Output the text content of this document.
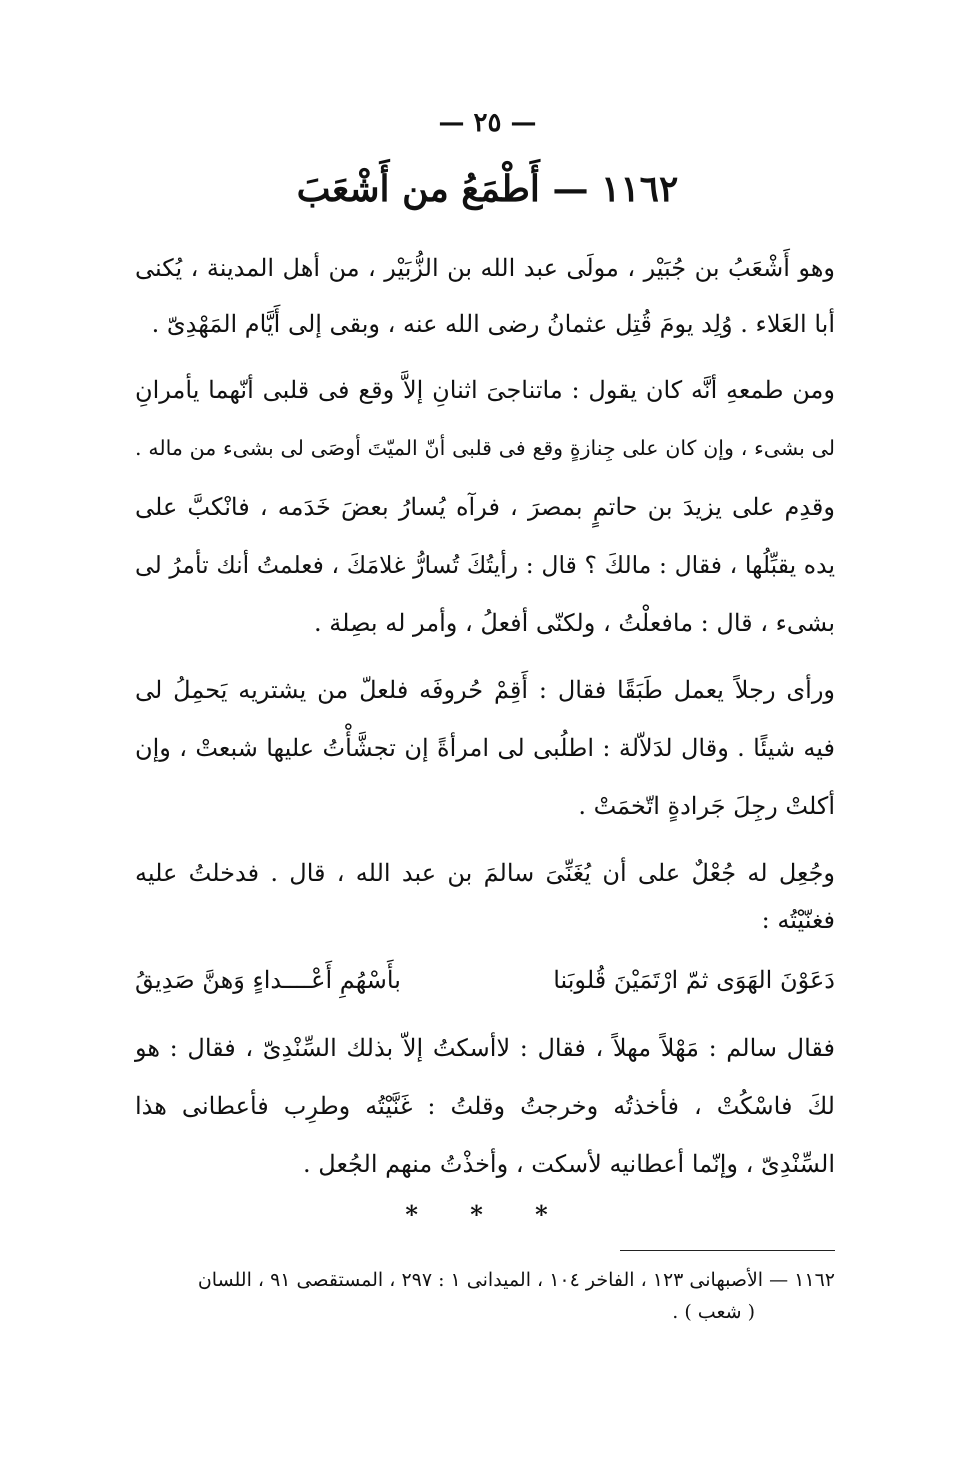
— ٢٥ —
١١٦٢ — أَطْمَعُ من أَشْعَبَ
وهو أَشْعَبُ بن جُبَيْر ، مولَى عبد الله بن الزُّبَيْر ، من أهل المدينة ، يُكنى
أبا العَلاء . وُلِد يومَ قُتِل عثمانُ رضى الله عنه ، وبقى إلى أَيَّام المَهْدِىّ .
ومن طمعهِ أنَّه كان يقول : ماتناجىَ اثنانِ إلاَّ وقع فى قلبى أنّهما يأمرانِ
لى بشىء ، وإن كان على جِنازةٍ وقع فى قلبى أنّ الميّتَ أوصَى لى بشىء من ماله .
وقدِم على يزيدَ بن حاتمٍ بمصرَ ، فرآه يُسارُ بعضَ خَدَمه ، فانْكبَّ على
يده يقبِّلُها ، فقال : مالكَ ؟ قال : رأيتُكَ تُسارُّ غلامَكَ ، فعلمتُ أنك تأمرُ لى
بشىء ، قال : مافعلْتُ ، ولكنّى أفعلُ ، وأمر له بصِلة .
ورأى رجلاً يعمل طَبَقًا فقال : أَقِمْ حُروفَه فلعلّ من يشتريه يَحمِلُ لى
فيه شيئًا . وقال لدَلاّلة : اطلُبى لى امرأةً إن تجشَّأْتُ عليها شبعتْ ، وإن
أكلتْ رجِلَ جَرادةٍ اتّخمَتْ .
وجُعِل له جُعْلٌ على أن يُغَنِّىَ سالمَ بن عبد الله ، قال . فدخلتُ عليه
فغنّيْتُه :
دَعَوْنَ الهَوَى ثمّ ارْتَمَيْنَ قُلوبَنا
بأَسْهُمِ أَعْــــداءٍ وَهنَّ صَدِيقُ
فقال سالم : مَهْلاً مهلاً ، فقال : لاأسكتُ إلاّ بذلك السِّنْدِىّ ، فقال : هو
لكَ فاسْكُتْ ، فأخذتُه وخرجتُ وقلتُ : غَنَّيْتُه وطرِب فأعطانى هذا
السِّنْدِىّ ، وإنّما أعطانيه لأسكت ، وأخذْتُ منهم الجُعل .
* * *
١١٦٢ — الأصبهانى ١٢٣ ، الفاخر ١٠٤ ، الميدانى ١ : ٢٩٧ ، المستقصى ٩١ ، اللسان
( شعب ) .
